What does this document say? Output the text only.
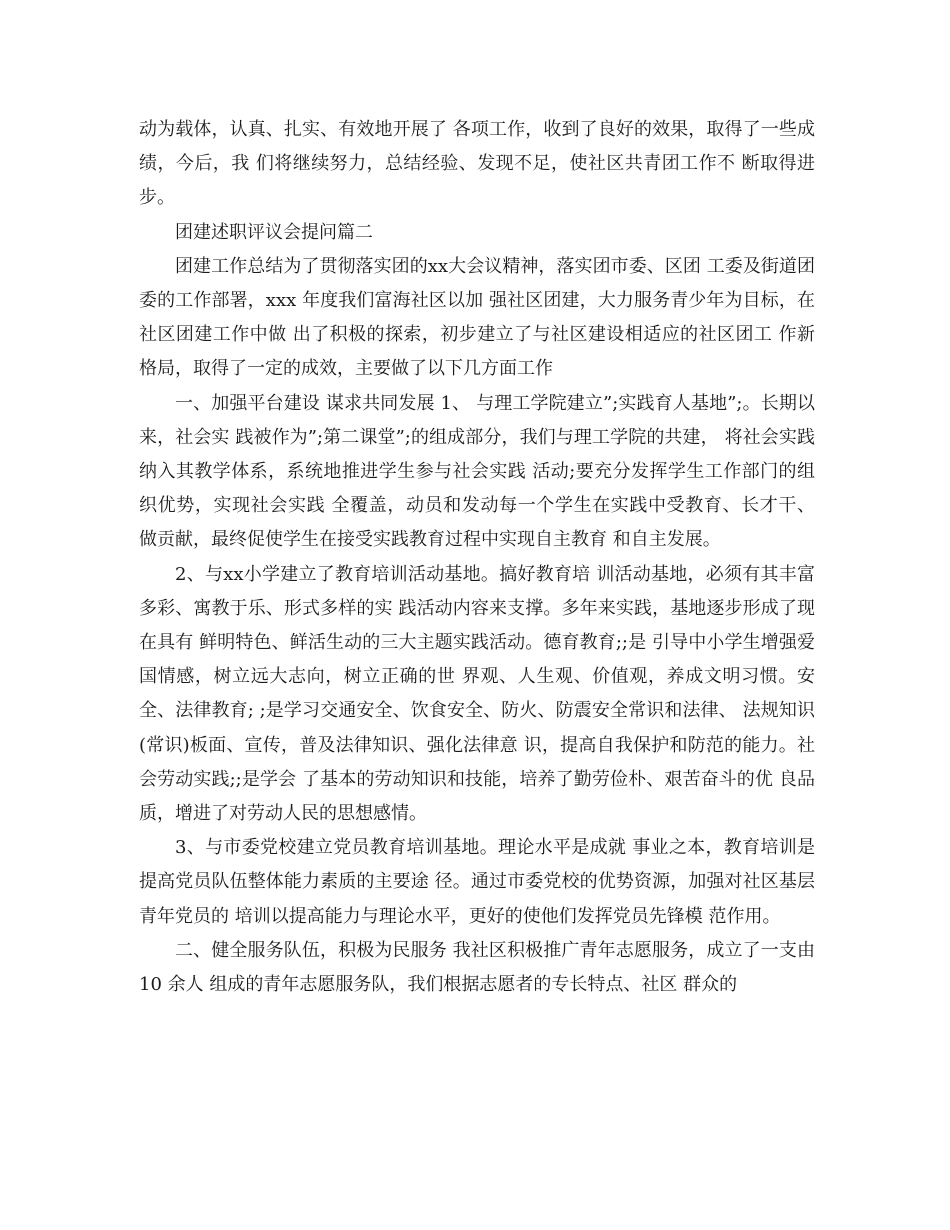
动为载体，认真、扎实、有效地开展了 各项工作，收到了良好的效果，取得了一些成绩，今后，我 们将继续努力，总结经验、发现不足，使社区共青团工作不 断取得进步。

团建述职评议会提问篇二

团建工作总结为了贯彻落实团的xx大会议精神，落实团市委、区团 工委及街道团委的工作部署，xxx 年度我们富海社区以加 强社区团建，大力服务青少年为目标，在社区团建工作中做 出了积极的探索，初步建立了与社区建设相适应的社区团工 作新格局，取得了一定的成效，主要做了以下几方面工作

一、加强平台建设 谋求共同发展 1、 与理工学院建立”;实践育人基地”;。长期以来，社会实 践被作为”;第二课堂”;的组成部分，我们与理工学院的共建， 将社会实践纳入其教学体系，系统地推进学生参与社会实践 活动;要充分发挥学生工作部门的组织优势，实现社会实践 全覆盖，动员和发动每一个学生在实践中受教育、长才干、 做贡献，最终促使学生在接受实践教育过程中实现自主教育 和自主发展。

2、与xx小学建立了教育培训活动基地。搞好教育培 训活动基地，必须有其丰富多彩、寓教于乐、形式多样的实 践活动内容来支撑。多年来实践，基地逐步形成了现在具有 鲜明特色、鲜活生动的三大主题实践活动。德育教育;;是 引导中小学生增强爱国情感，树立远大志向，树立正确的世 界观、人生观、价值观，养成文明习惯。安全、法律教育; ;是学习交通安全、饮食安全、防火、防震安全常识和法律、 法规知识(常识)板面、宣传，普及法律知识、强化法律意 识，提高自我保护和防范的能力。社会劳动实践;;是学会 了基本的劳动知识和技能，培养了勤劳俭朴、艰苦奋斗的优 良品质，增进了对劳动人民的思想感情。

3、与市委党校建立党员教育培训基地。理论水平是成就 事业之本，教育培训是提高党员队伍整体能力素质的主要途 径。通过市委党校的优势资源，加强对社区基层青年党员的 培训以提高能力与理论水平，更好的使他们发挥党员先锋模 范作用。

二、健全服务队伍，积极为民服务 我社区积极推广青年志愿服务，成立了一支由 10 余人 组成的青年志愿服务队，我们根据志愿者的专长特点、社区 群众的
